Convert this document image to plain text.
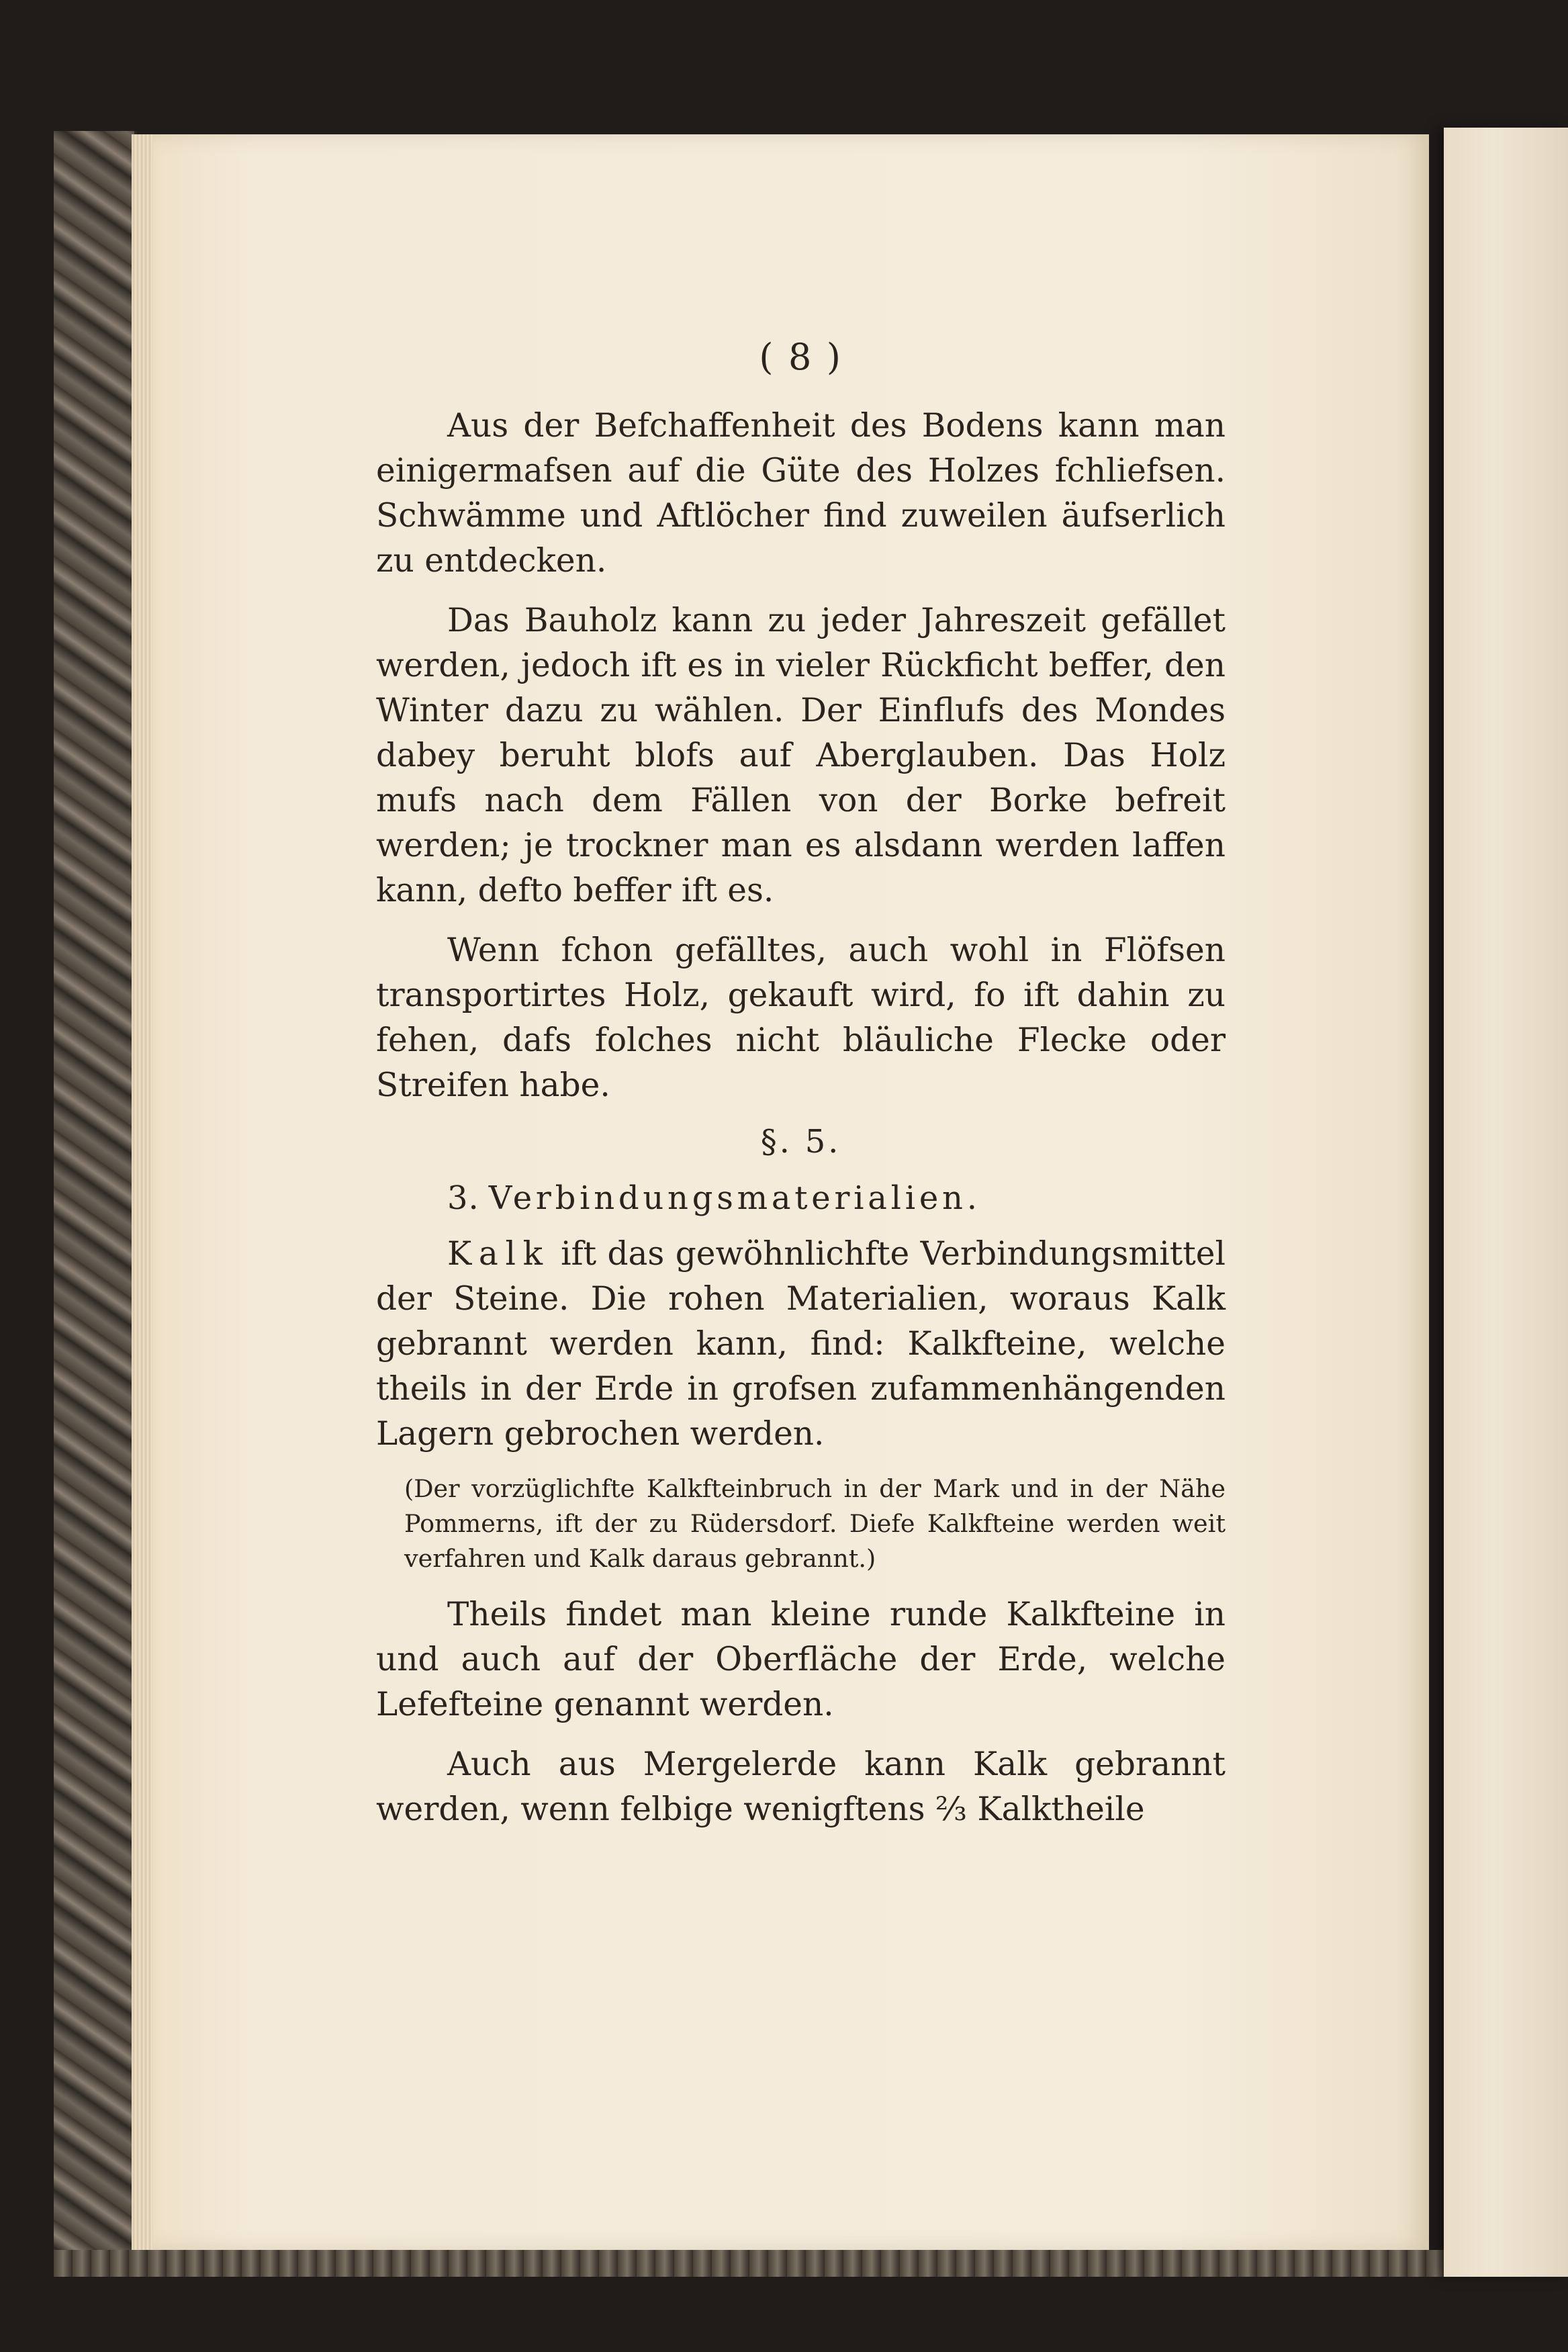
( 8 )

Aus der Befchaffenheit des Bodens kann man einigermafsen auf die Güte des Holzes fchliefsen. Schwämme und Aftlöcher find zuweilen äufserlich zu entdecken.

Das Bauholz kann zu jeder Jahreszeit gefället werden, jedoch ift es in vieler Rückficht beffer, den Winter dazu zu wählen. Der Einflufs des Mondes dabey beruht blofs auf Aberglauben. Das Holz mufs nach dem Fällen von der Borke befreit werden; je trockner man es alsdann werden laffen kann, defto beffer ift es.

Wenn fchon gefälltes, auch wohl in Flöfsen transportirtes Holz, gekauft wird, fo ift dahin zu fehen, dafs folches nicht bläuliche Flecke oder Streifen habe.

§. 5.
3. Verbindungsmaterialien.

Kalk ift das gewöhnlichfte Verbindungsmittel der Steine. Die rohen Materialien, woraus Kalk gebrannt werden kann, find: Kalkfteine, welche theils in der Erde in grofsen zufammenhängenden Lagern gebrochen werden.

(Der vorzüglichfte Kalkfteinbruch in der Mark und in der Nähe Pommerns, ift der zu Rüdersdorf. Diefe Kalkfteine werden weit verfahren und Kalk daraus gebrannt.)

Theils findet man kleine runde Kalkfteine in und auch auf der Oberfläche der Erde, welche Lefefteine genannt werden.

Auch aus Mergelerde kann Kalk gebrannt werden, wenn felbige wenigftens ⅔ Kalktheile
